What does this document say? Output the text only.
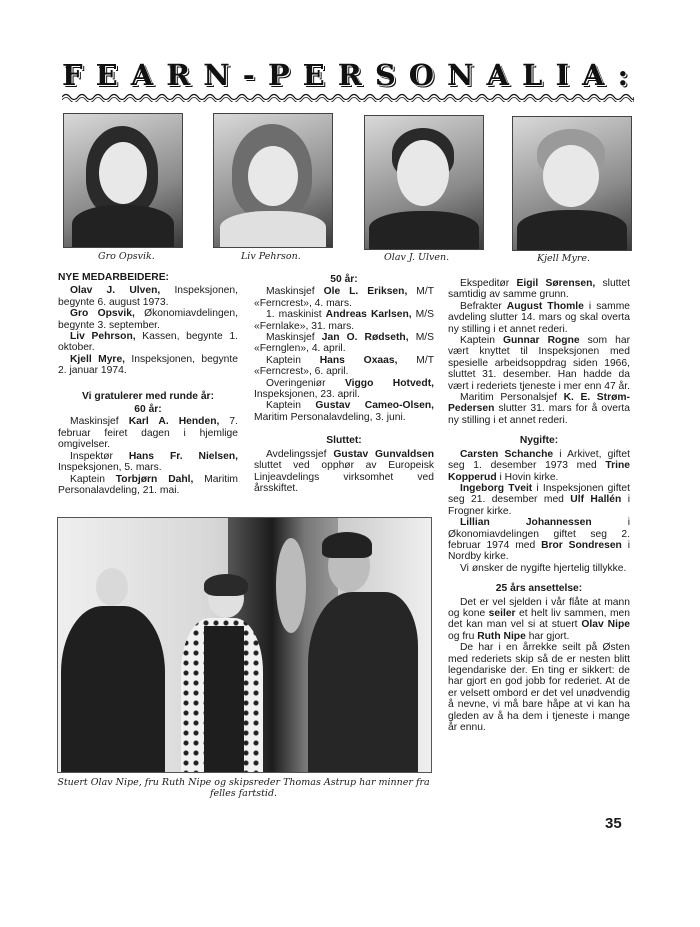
FEARN-PERSONALIA:
Gro Opsvik.	Liv Pehrson.	Olav J. Ulven.	Kjell Myre.

NYE MEDARBEIDERE:

Olav J. Ulven, Inspeksjonen, begynte 6. august 1973.

Gro Opsvik, Økonomiavdelingen, begynte 3. september.

Liv Pehrson, Kassen, begynte 1. oktober.

Kjell Myre, Inspeksjonen, begynte 2. januar 1974.

Vi gratulerer med runde år:

60 år:

Maskinsjef Karl A. Henden, 7. februar feiret dagen i hjemlige omgivelser.

Inspektør Hans Fr. Nielsen, Inspeksjonen, 5. mars.

Kaptein Torbjørn Dahl, Maritim Personalavdeling, 21. mai.

50 år:

Maskinsjef Ole L. Eriksen, M/T «Ferncrest», 4. mars.

1. maskinist Andreas Karlsen, M/S «Fernlake», 31. mars.

Maskinsjef Jan O. Rødseth, M/S «Fernglen», 4. april.

Kaptein Hans Oxaas, M/T «Ferncrest», 6. april.

Overingeniør Viggo Hotvedt, Inspeksjonen, 23. april.

Kaptein Gustav Cameo-Olsen, Maritim Personalavdeling, 3. juni.

Sluttet:

Avdelingssjef Gustav Gunvaldsen sluttet ved opphør av Europeisk Linjeavdelings virksomhet ved årsskiftet.

Ekspeditør Eigil Sørensen, sluttet samtidig av samme grunn.

Befrakter August Thomle i samme avdeling slutter 14. mars og skal overta ny stilling i et annet rederi.

Kaptein Gunnar Rogne som har vært knyttet til Inspeksjonen med spesielle arbeidsoppdrag siden 1966, sluttet 31. desember. Han hadde da vært i rederiets tjeneste i mer enn 47 år.

Maritim Personalsjef K. E. Strøm-Pedersen slutter 31. mars for å overta ny stilling i et annet rederi.

Nygifte:

Carsten Schanche i Arkivet, giftet seg 1. desember 1973 med Trine Kopperud i Hovin kirke.

Ingeborg Tveit i Inspeksjonen giftet seg 21. desember med Ulf Hallén i Frogner kirke.

Lillian Johannessen i Økonomiavdelingen giftet seg 2. februar 1974 med Bror Sondresen i Nordby kirke.

Vi ønsker de nygifte hjertelig tillykke.

25 års ansettelse:

Det er vel sjelden i vår flåte at mann og kone seiler et helt liv sammen, men det kan man vel si at stuert Olav Nipe og fru Ruth Nipe har gjort.

De har i en årrekke seilt på Østen med rederiets skip så de er nesten blitt legendariske der. En ting er sikkert: de har gjort en god jobb for rederiet. At de er velsett ombord er det vel unødvendig å nevne, vi må bare håpe at vi kan ha gleden av å ha dem i tjeneste i mange år ennu.

Stuert Olav Nipe, fru Ruth Nipe og skipsreder Thomas Astrup har minner fra felles fartstid.
35
